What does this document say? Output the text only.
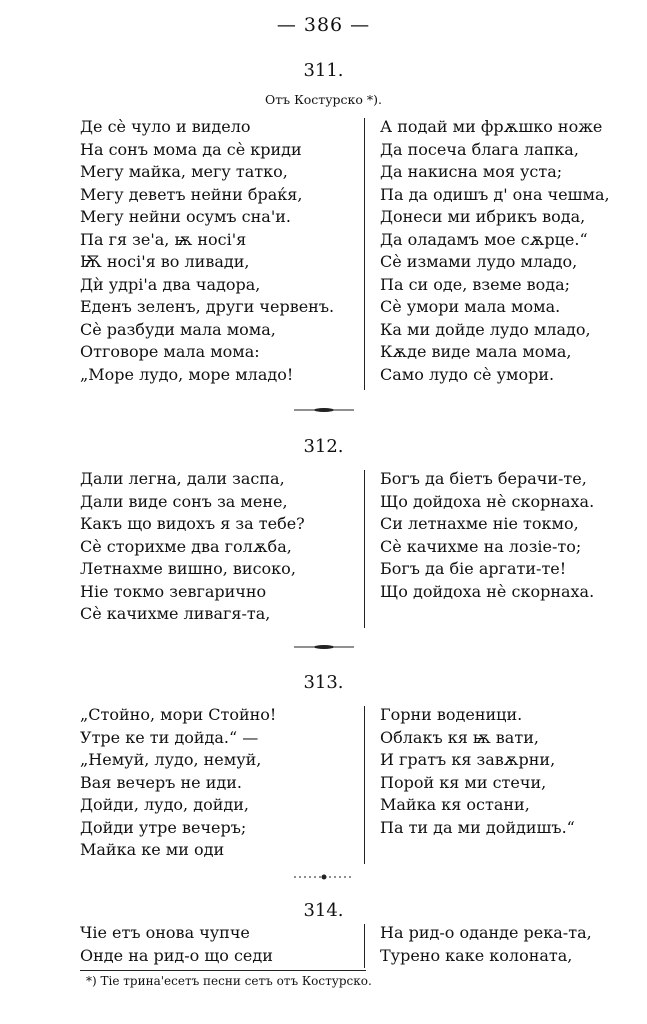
— 386 —
311.
Отъ Костурско *).
Де сѐ чуло и видело
На сонъ мома да сѐ криди
Мегу майка, мегу татко,
Мегу деветъ нейни браќя,
Мегу нейни осумъ сна'и.
Па гя зе'а, ѭ носі'я
Ѭ носі'я во ливади,
Дѝ удрі'а два чадора,
Еденъ зеленъ, други червенъ.
Сѐ разбуди мала мома,
Отговоре мала мома:
„Море лудо, море младо!
А подай ми фрѫшко ноже
Да посеча блага лапка,
Да накисна моя уста;
Па да одишъ д' она чешма,
Донеси ми ибрикъ вода,
Да оладамъ мое сѫрце.“
Сѐ измами лудо младо,
Па си оде, вземе вода;
Сѐ умори мала мома.
Ка ми дойде лудо младо,
Кѫде виде мала мома,
Само лудо сѐ умори.
312.
Дали легна, дали заспа,
Дали виде сонъ за мене,
Какъ що видохъ я за тебе?
Сѐ сторихме два голѫба,
Летнахме вишно, високо,
Ніе токмо зевгарично
Сѐ качихме ливагя-та,
Богъ да біетъ берачи-те,
Що дойдоха нѐ скорнаха.
Си летнахме ніе токмо,
Сѐ качихме на лозіе-то;
Богъ да біе аргати-те!
Що дойдоха нѐ скорнаха.
313.
„Стойно, мори Стойно!
Утре ке ти дойда.“ —
„Немуй, лудо, немуй,
Вая вечеръ не иди.
Дойди, лудо, дойди,
Дойди утре вечеръ;
Майка ке ми оди
Горни воденици.
Облакъ кя ѭ вати,
И гратъ кя завѫрни,
Порой кя ми стечи,
Майка кя остани,
Па ти да ми дойдишъ.“
314.
Чіе етъ онова чупче
Онде на рид-о що седи
На рид-о оданде река-та,
Турено каке колоната,
*) Тіе трина'есетъ песни сетъ отъ Костурско.
